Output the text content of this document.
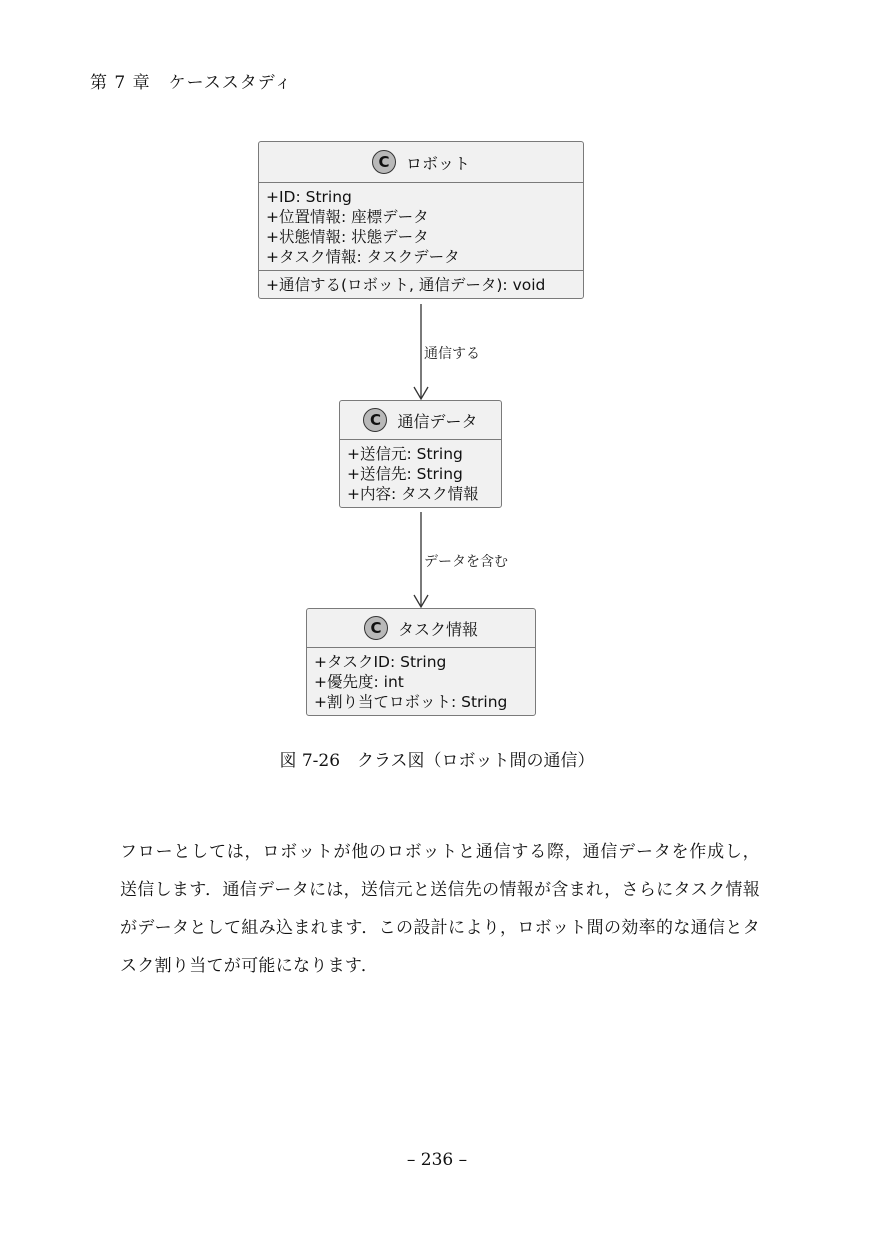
第 7 章　ケーススタディ
C	ロボット
+ID: String
+位置情報: 座標データ
+状態情報: 状態データ
+タスク情報: タスクデータ
+通信する(ロボット, 通信データ): void
通信する
C	通信データ
+送信元: String
+送信先: String
+内容: タスク情報
データを含む
C	タスク情報
+タスクID: String
+優先度: int
+割り当てロボット: String
図 7-26　クラス図（ロボット間の通信）

フローとしては，ロボットが他のロボットと通信する際，通信データを作成し，送信します．通信データには，送信元と送信先の情報が含まれ，さらにタスク情報がデータとして組み込まれます．この設計により，ロボット間の効率的な通信とタスク割り当てが可能になります．

– 236 –
